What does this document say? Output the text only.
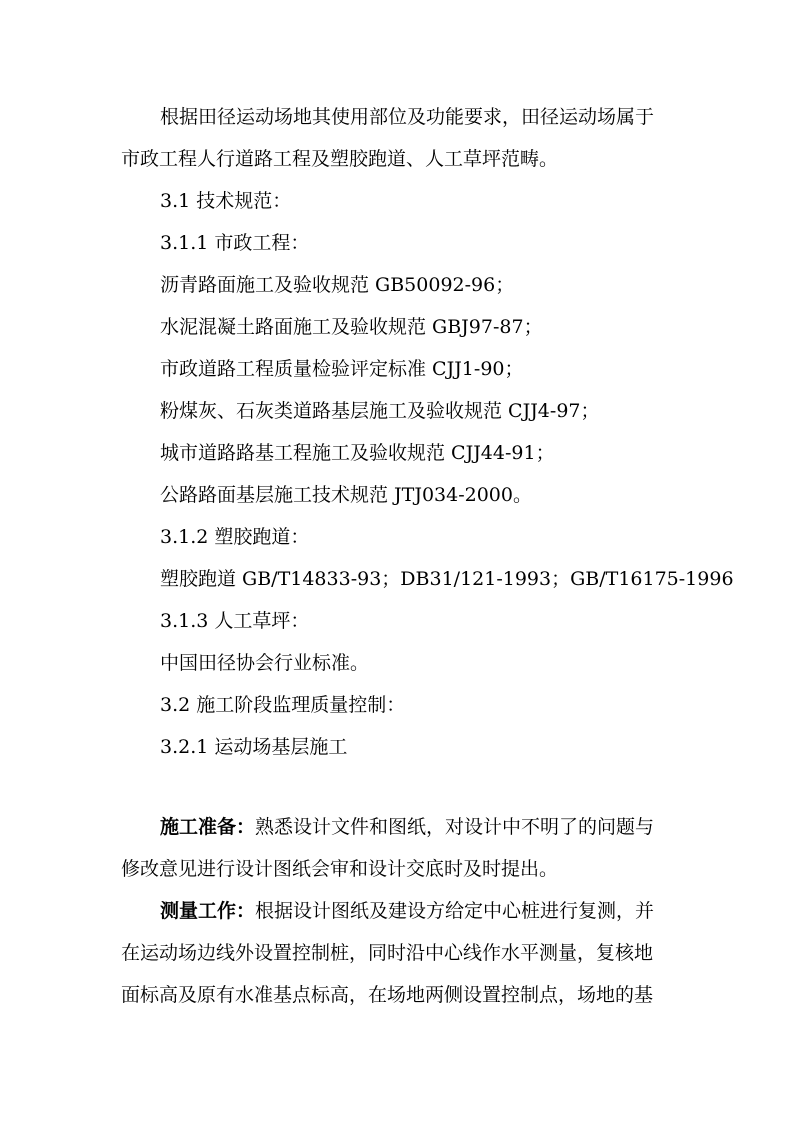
根据田径运动场地其使用部位及功能要求，田径运动场属于
市政工程人行道路工程及塑胶跑道、人工草坪范畴。
3.1 技术规范：
3.1.1 市政工程：
沥青路面施工及验收规范 GB50092-96；
水泥混凝土路面施工及验收规范 GBJ97-87；
市政道路工程质量检验评定标准 CJJ1-90；
粉煤灰、石灰类道路基层施工及验收规范 CJJ4-97；
城市道路路基工程施工及验收规范 CJJ44-91；
公路路面基层施工技术规范 JTJ034-2000。
3.1.2 塑胶跑道：
塑胶跑道 GB/T14833-93；DB31/121-1993；GB/T16175-1996
3.1.3 人工草坪：
中国田径协会行业标准。
3.2 施工阶段监理质量控制：
3.2.1 运动场基层施工
施工准备：熟悉设计文件和图纸，对设计中不明了的问题与
修改意见进行设计图纸会审和设计交底时及时提出。
测量工作：根据设计图纸及建设方给定中心桩进行复测，并
在运动场边线外设置控制桩，同时沿中心线作水平测量，复核地
面标高及原有水准基点标高，在场地两侧设置控制点，场地的基
